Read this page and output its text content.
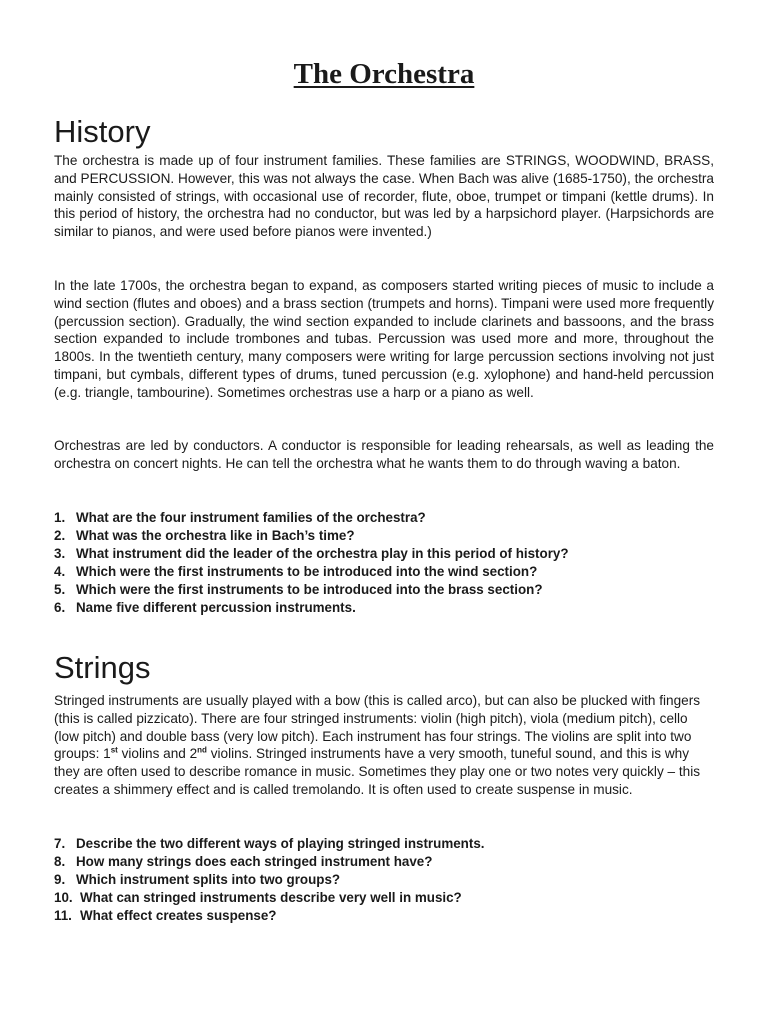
The Orchestra
History

The orchestra is made up of four instrument families. These families are STRINGS, WOODWIND, BRASS, and PERCUSSION. However, this was not always the case. When Bach was alive (1685-1750), the orchestra mainly consisted of strings, with occasional use of recorder, flute, oboe, trumpet or timpani (kettle drums). In this period of history, the orchestra had no conductor, but was led by a harpsichord player. (Harpsichords are similar to pianos, and were used before pianos were invented.)

In the late 1700s, the orchestra began to expand, as composers started writing pieces of music to include a wind section (flutes and oboes) and a brass section (trumpets and horns). Timpani were used more frequently (percussion section). Gradually, the wind section expanded to include clarinets and bassoons, and the brass section expanded to include trombones and tubas. Percussion was used more and more, throughout the 1800s. In the twentieth century, many composers were writing for large percussion sections involving not just timpani, but cymbals, different types of drums, tuned percussion (e.g. xylophone) and hand-held percussion (e.g. triangle, tambourine). Sometimes orchestras use a harp or a piano as well.

Orchestras are led by conductors. A conductor is responsible for leading rehearsals, as well as leading the orchestra on concert nights. He can tell the orchestra what he wants them to do through waving a baton.

1. What are the four instrument families of the orchestra?
2. What was the orchestra like in Bach’s time?
3. What instrument did the leader of the orchestra play in this period of history?
4. Which were the first instruments to be introduced into the wind section?
5. Which were the first instruments to be introduced into the brass section?
6. Name five different percussion instruments.
Strings

Stringed instruments are usually played with a bow (this is called arco), but can also be plucked with fingers (this is called pizzicato). There are four stringed instruments: violin (high pitch), viola (medium pitch), cello (low pitch) and double bass (very low pitch). Each instrument has four strings. The violins are split into two groups: 1st violins and 2nd violins. Stringed instruments have a very smooth, tuneful sound, and this is why they are often used to describe romance in music. Sometimes they play one or two notes very quickly – this creates a shimmery effect and is called tremolando. It is often used to create suspense in music.

7. Describe the two different ways of playing stringed instruments.
8. How many strings does each stringed instrument have?
9. Which instrument splits into two groups?
10. What can stringed instruments describe very well in music?
11. What effect creates suspense?
